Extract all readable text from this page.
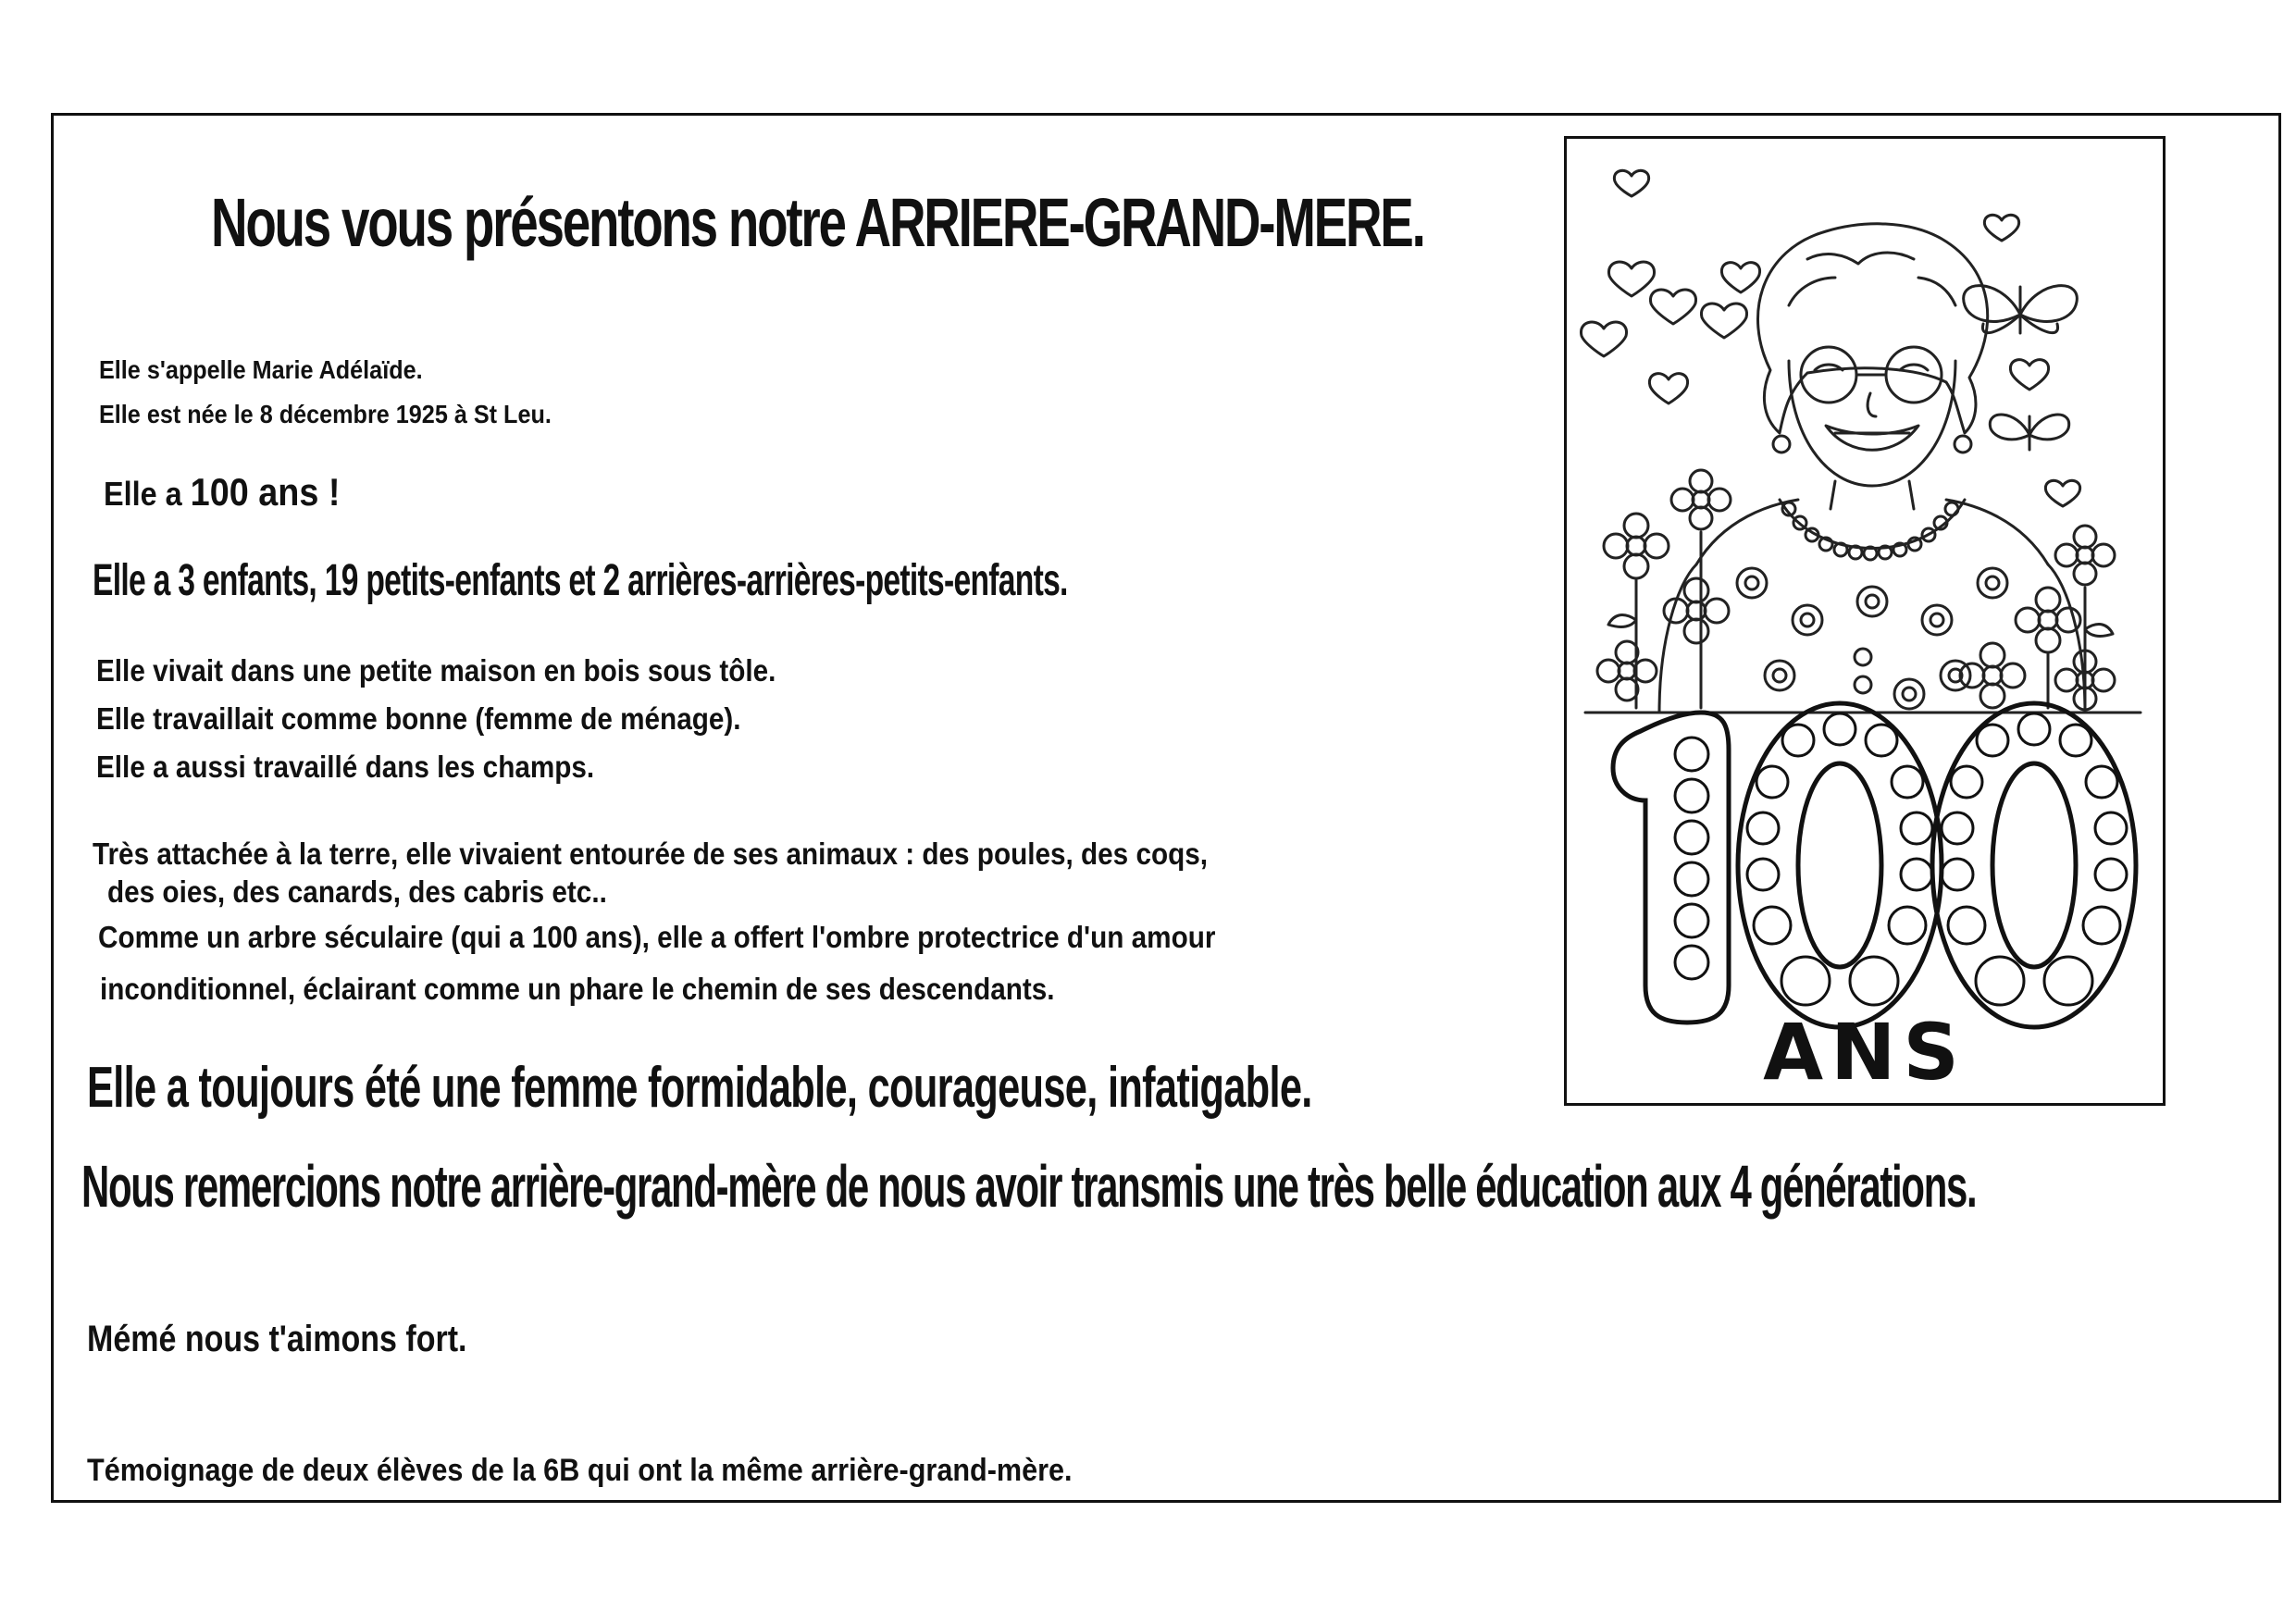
Nous vous présentons notre ARRIERE-GRAND-MERE.
Elle s'appelle Marie Adélaïde.
Elle est née le 8 décembre 1925 à St Leu.
Elle a 100 ans !
Elle a 3 enfants, 19 petits-enfants et 2 arrières-arrières-petits-enfants.
Elle vivait dans une petite maison en bois sous tôle.
Elle travaillait comme bonne (femme de ménage).
Elle a aussi travaillé dans les champs.
Très attachée à la terre, elle vivaient entourée de ses animaux : des poules, des coqs,
des oies, des canards, des cabris etc..
Comme un arbre séculaire (qui a 100 ans), elle a offert l'ombre protectrice d'un amour
inconditionnel, éclairant comme un phare le chemin de ses descendants.
Elle a toujours été une femme formidable, courageuse, infatigable.
Nous remercions notre arrière-grand-mère de nous avoir transmis une très belle éducation aux 4 générations.
Mémé nous t'aimons fort.
Témoignage de deux élèves de la 6B qui ont la même arrière-grand-mère.
ANS
